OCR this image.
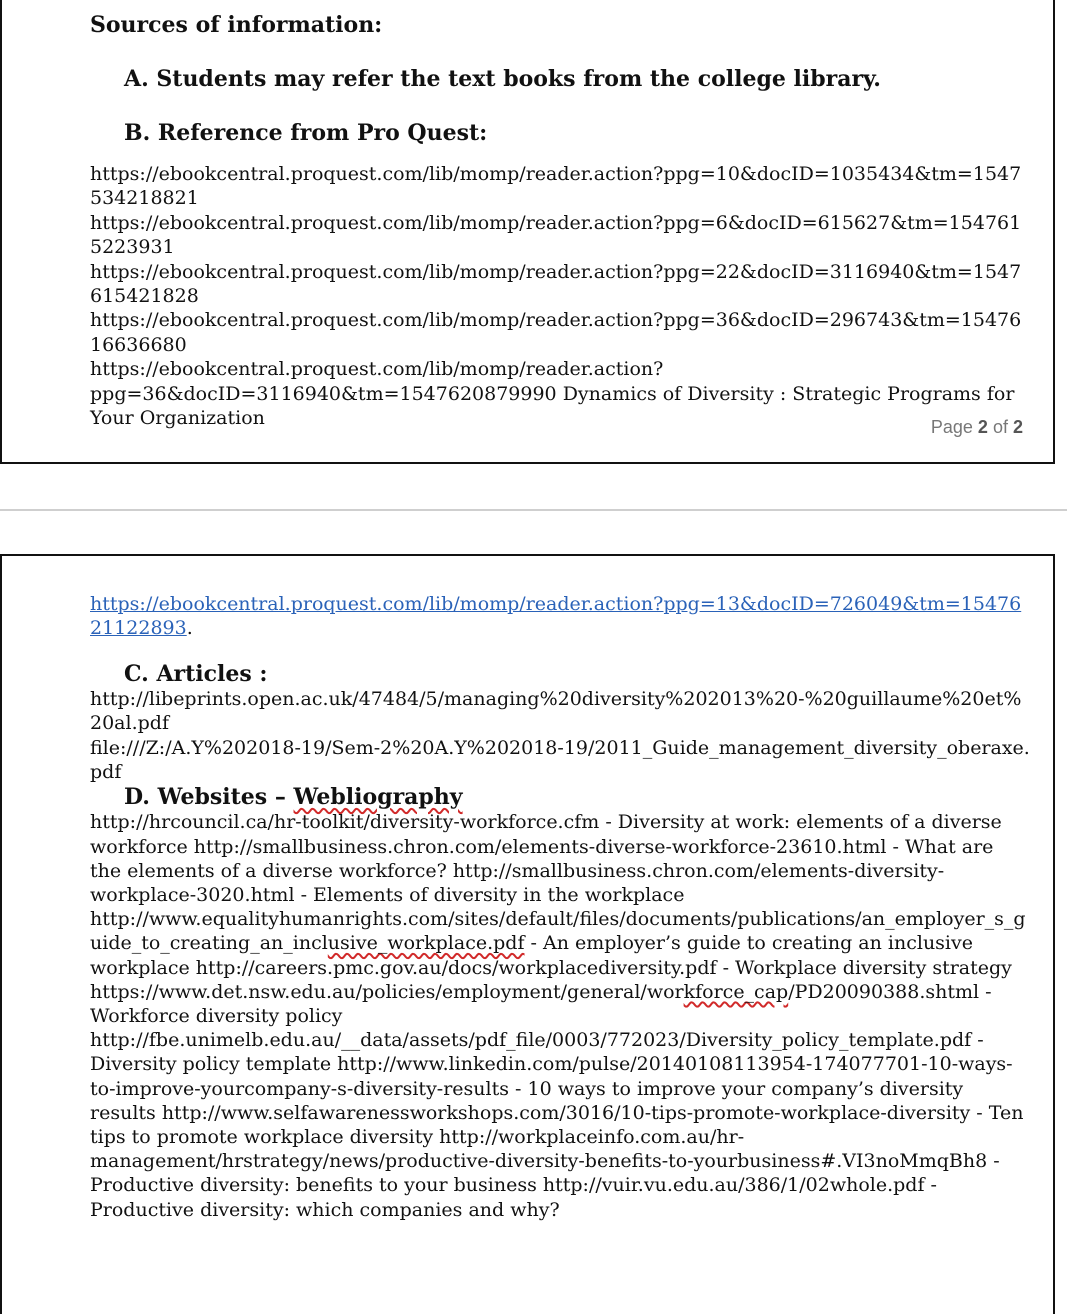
Sources of information:

A. Students may refer the text books from the college library.

B. Reference from Pro Quest:

https://ebookcentral.proquest.com/lib/momp/reader.action?ppg=10&docID=1035434&tm=1547534218821

https://ebookcentral.proquest.com/lib/momp/reader.action?ppg=6&docID=615627&tm=1547615223931

https://ebookcentral.proquest.com/lib/momp/reader.action?ppg=22&docID=3116940&tm=1547615421828

https://ebookcentral.proquest.com/lib/momp/reader.action?ppg=36&docID=296743&tm=1547616636680

https://ebookcentral.proquest.com/lib/momp/reader.action?ppg=36&docID=3116940&tm=1547620879990 Dynamics of Diversity : Strategic Programs for Your Organization	Page 2 of 2

https://ebookcentral.proquest.com/lib/momp/reader.action?ppg=13&docID=726049&tm=1547621122893.

C. Articles :

http://libeprints.open.ac.uk/47484/5/managing%20diversity%202013%20-%20guillaume%20et%20al.pdf

file:///Z:/A.Y%202018-19/Sem-2%20A.Y%202018-19/2011_Guide_management_diversity_oberaxe.pdf

D. Websites – Webliography

http://hrcouncil.ca/hr-toolkit/diversity-workforce.cfm - Diversity at work: elements of a diverse workforce http://smallbusiness.chron.com/elements-diverse-workforce-23610.html - What are the elements of a diverse workforce? http://smallbusiness.chron.com/elements-diversity-workplace-3020.html - Elements of diversity in the workplace http://www.equalityhumanrights.com/sites/default/files/documents/publications/an_employer_s_guide_to_creating_an_inclusive_workplace.pdf - An employer’s guide to creating an inclusive workplace http://careers.pmc.gov.au/docs/workplacediversity.pdf - Workplace diversity strategy https://www.det.nsw.edu.au/policies/employment/general/workforce_cap/PD20090388.shtml - Workforce diversity policy http://fbe.unimelb.edu.au/__data/assets/pdf_file/0003/772023/Diversity_policy_template.pdf - Diversity policy template http://www.linkedin.com/pulse/20140108113954-174077701-10-ways-to-improve-yourcompany-s-diversity-results - 10 ways to improve your company’s diversity results http://www.selfawarenessworkshops.com/3016/10-tips-promote-workplace-diversity - Ten tips to promote workplace diversity http://workplaceinfo.com.au/hr-management/hrstrategy/news/productive-diversity-benefits-to-yourbusiness#.VI3noMmqBh8 - Productive diversity: benefits to your business http://vuir.vu.edu.au/386/1/02whole.pdf - Productive diversity: which companies and why?
